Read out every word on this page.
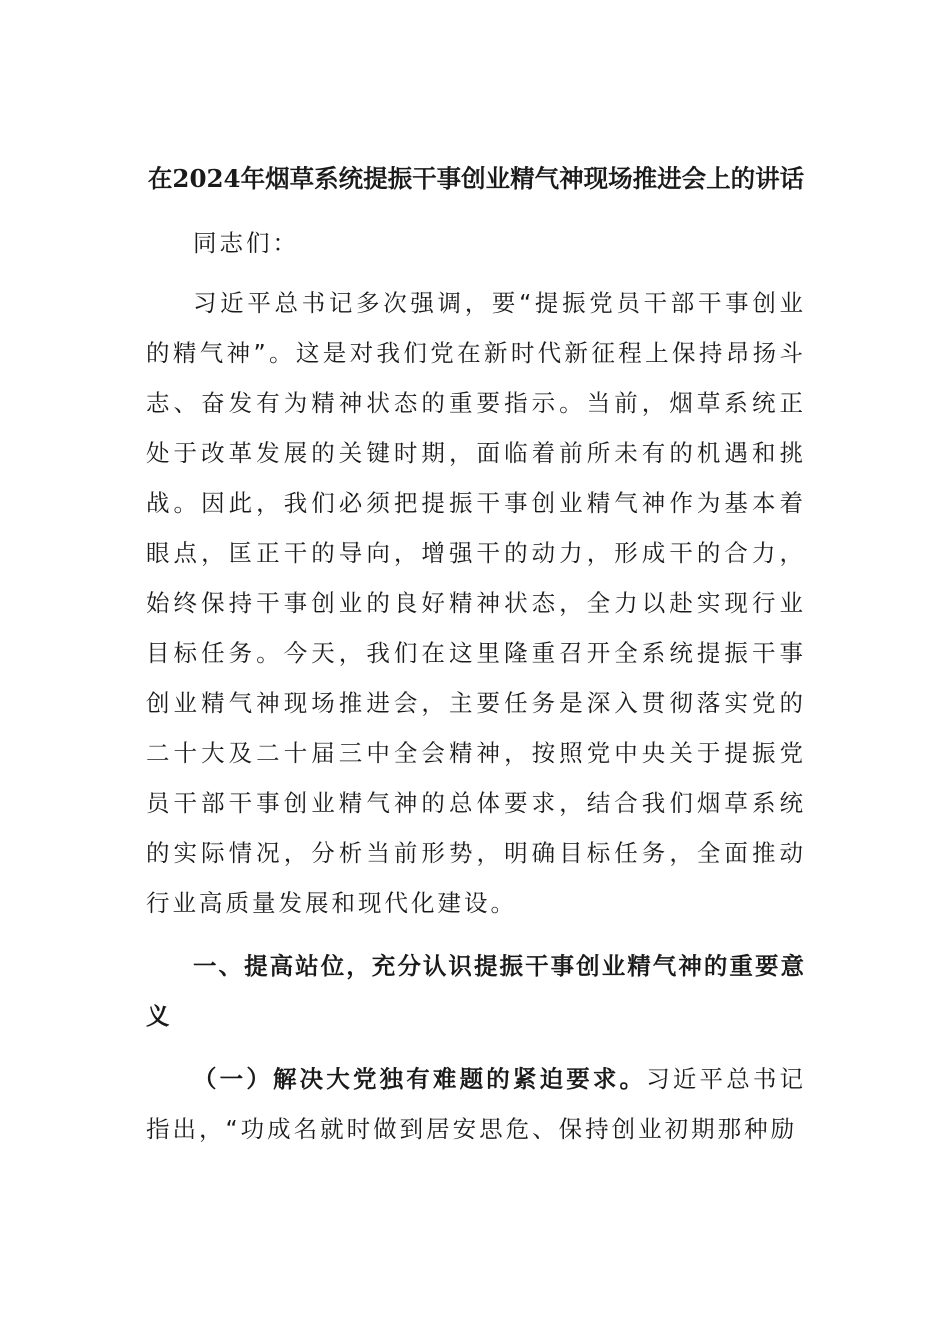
在2024年烟草系统提振干事创业精气神现场推进会上的讲话

同志们：

习近平总书记多次强调，要“提振党员干部干事创业的精气神”。这是对我们党在新时代新征程上保持昂扬斗志、奋发有为精神状态的重要指示。当前，烟草系统正处于改革发展的关键时期，面临着前所未有的机遇和挑战。因此，我们必须把提振干事创业精气神作为基本着眼点，匡正干的导向，增强干的动力，形成干的合力，始终保持干事创业的良好精神状态，全力以赴实现行业目标任务。今天，我们在这里隆重召开全系统提振干事创业精气神现场推进会，主要任务是深入贯彻落实党的二十大及二十届三中全会精神，按照党中央关于提振党员干部干事创业精气神的总体要求，结合我们烟草系统的实际情况，分析当前形势，明确目标任务，全面推动行业高质量发展和现代化建设。

一、提高站位，充分认识提振干事创业精气神的重要意义

（一）解决大党独有难题的紧迫要求。习近平总书记指出，“功成名就时做到居安思危、保持创业初期那种励
